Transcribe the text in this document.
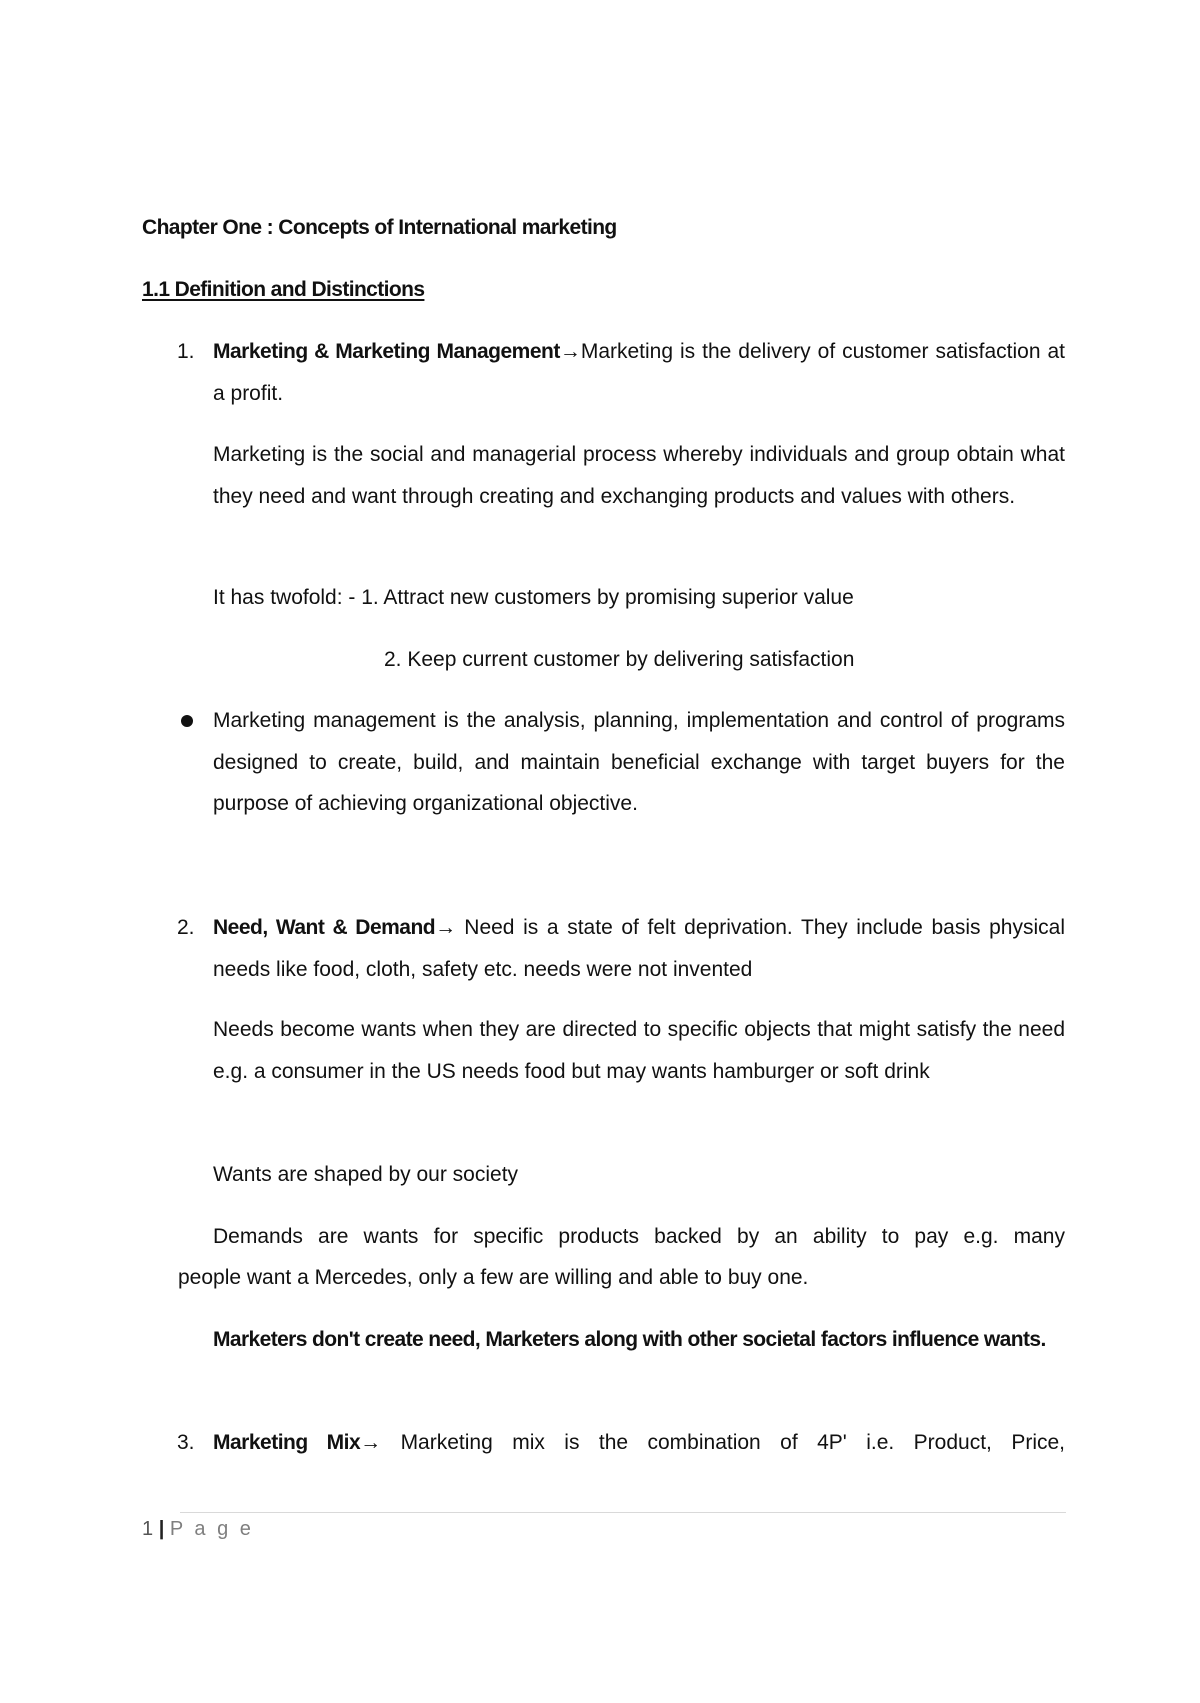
Chapter One : Concepts of International marketing
1.1 Definition and Distinctions
1. Marketing & Marketing Management→Marketing is the delivery of customer satisfaction at a profit.
Marketing is the social and managerial process whereby individuals and group obtain what they need and want through creating and exchanging products and values with others.
It has twofold: - 1. Attract new customers by promising superior value
2. Keep current customer by delivering satisfaction
Marketing management is the analysis, planning, implementation and control of programs designed to create, build, and maintain beneficial exchange with target buyers for the purpose of achieving organizational objective.
2. Need, Want & Demand→ Need is a state of felt deprivation. They include basis physical needs like food, cloth, safety etc. needs were not invented
Needs become wants when they are directed to specific objects that might satisfy the need e.g. a consumer in the US needs food but may wants hamburger or soft drink
Wants are shaped by our society
Demands are wants for specific products backed by an ability to pay e.g. many
people want a Mercedes, only a few are willing and able to buy one.
Marketers don't create need, Marketers along with other societal factors influence wants.
3. Marketing Mix→ Marketing mix is the combination of 4P' i.e. Product, Price,
1 | P a g e
